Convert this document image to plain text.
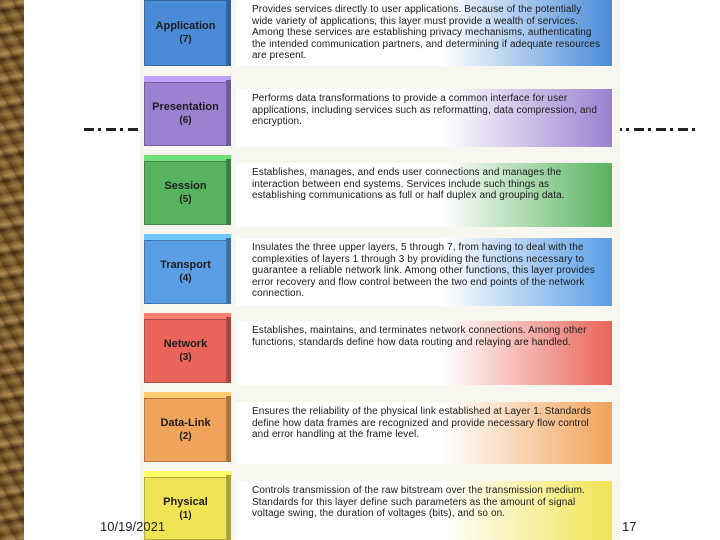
Application
(7)
Provides services directly to user applications. Because of the potentially wide variety of applications, this layer must provide a wealth of services. Among these services are establishing privacy mechanisms, authenticating the intended communication partners, and determining if adequate resources are present.
Presentation
(6)
Performs data transformations to provide a common interface for user applications, including services such as reformatting, data compression, and encryption.
Session
(5)
Establishes, manages, and ends user connections and manages the interaction between end systems. Services include such things as establishing communications as full or half duplex and grouping data.
Transport
(4)
Insulates the three upper layers, 5 through 7, from having to deal with the complexities of layers 1 through 3 by providing the functions necessary to guarantee a reliable network link. Among other functions, this layer provides error recovery and flow control between the two end points of the network connection.
Network
(3)
Establishes, maintains, and terminates network connections. Among other functions, standards define how data routing and relaying are handled.
Data-Link
(2)
Ensures the reliability of the physical link established at Layer 1. Standards define how data frames are recognized and provide necessary flow control and error handling at the frame level.
Physical
(1)
Controls transmission of the raw bitstream over the transmission medium. Standards for this layer define such parameters as the amount of signal voltage swing, the duration of voltages (bits), and so on.
10/19/2021	17
